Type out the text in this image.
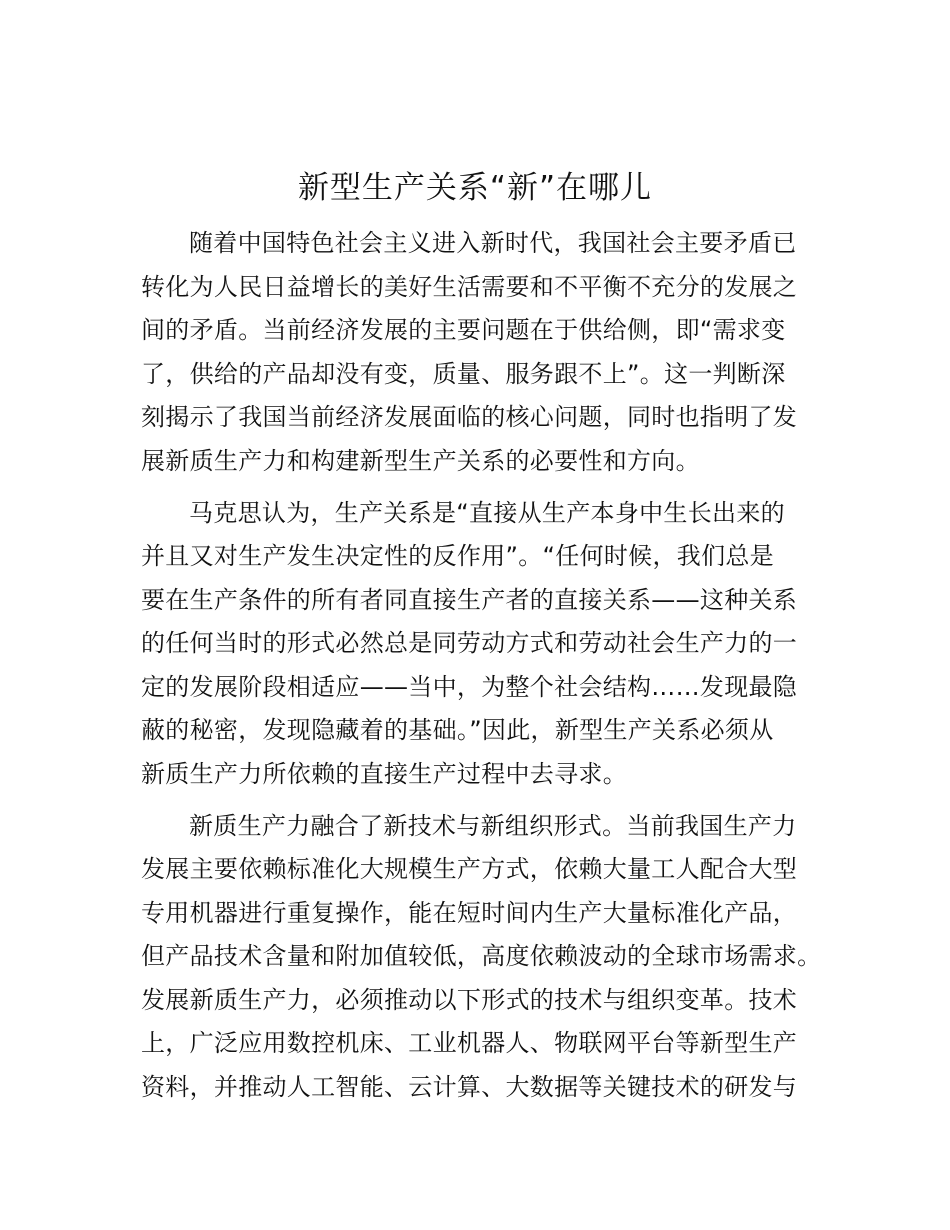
新型生产关系“新”在哪儿

随着中国特色社会主义进入新时代，我国社会主要矛盾已

转化为人民日益增长的美好生活需要和不平衡不充分的发展之

间的矛盾。当前经济发展的主要问题在于供给侧，即“需求变

了，供给的产品却没有变，质量、服务跟不上”。这一判断深

刻揭示了我国当前经济发展面临的核心问题，同时也指明了发

展新质生产力和构建新型生产关系的必要性和方向。

马克思认为，生产关系是“直接从生产本身中生长出来的

并且又对生产发生决定性的反作用”。“任何时候，我们总是

要在生产条件的所有者同直接生产者的直接关系——这种关系

的任何当时的形式必然总是同劳动方式和劳动社会生产力的一

定的发展阶段相适应——当中，为整个社会结构……发现最隐

蔽的秘密，发现隐藏着的基础。”因此，新型生产关系必须从

新质生产力所依赖的直接生产过程中去寻求。

新质生产力融合了新技术与新组织形式。当前我国生产力

发展主要依赖标准化大规模生产方式，依赖大量工人配合大型

专用机器进行重复操作，能在短时间内生产大量标准化产品，

但产品技术含量和附加值较低，高度依赖波动的全球市场需求。

发展新质生产力，必须推动以下形式的技术与组织变革。技术

上，广泛应用数控机床、工业机器人、物联网平台等新型生产

资料，并推动人工智能、云计算、大数据等关键技术的研发与
